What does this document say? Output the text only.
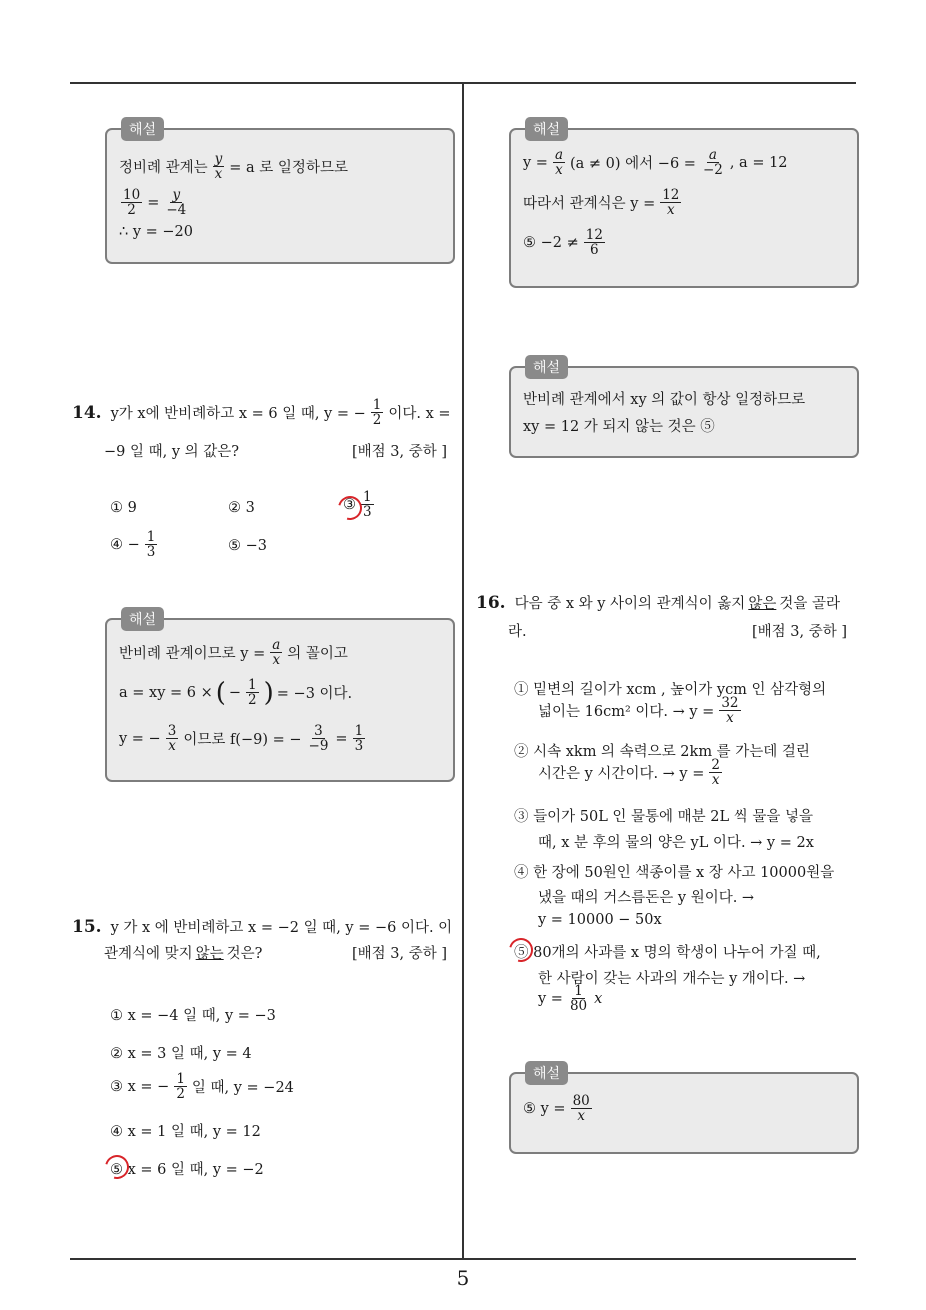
해설
정비례 관계는 $\frac{y}{x} = a$ 로 일정하므로
$\frac{10}{2} = \frac{y}{-4}$
∴ y = −20
14. y가 x에 반비례하고 x = 6 일 때, y = − $\frac{1}{2}$ 이다. x =
−9 일 때, y 의 값은?	[배점 3, 중하 ]
① 9	② 3	③ 1
3
④ − $\frac{1}{3}$	⑤ −3
해설
반비례 관계이므로 $y = \frac{a}{x}$ 의 꼴이고
a = xy = 6 × ( − 1
2 ) = −3 이다.
y = − $\frac{3}{x}$ 이므로 f(−9) = − $\frac{3}{-9} = \frac{1}{3}$
15. y 가 x 에 반비례하고 x = −2 일 때, y = −6 이다. 이
관계식에 맞지 않는 것은?	[배점 3, 중하 ]
① x = −4 일 때, y = −3
② x = 3 일 때, y = 4
③ x = − $\frac{1}{2}$ 일 때, y = −24
④ x = 1 일 때, y = 12
⑤ x = 6 일 때, y = −2
해설
$y = \frac{a}{x} (a \ne 0)$ 에서 $-6 = \frac{a}{-2}$ , a = 12
따라서 관계식은 $y = \frac{12}{x}$
⑤ −2 ≠ 12
6
해설
반비례 관계에서 xy 의 값이 항상 일정하므로
xy = 12 가 되지 않는 것은 ⑤
16. 다음 중 x 와 y 사이의 관계식이 옳지 않은 것을 골라
라.	[배점 3, 중하 ]
① 밑변의 길이가 xcm , 높이가 ycm 인 삼각형의
넓이는 16cm² 이다. → $y = \frac{32}{x}$
② 시속 xkm 의 속력으로 2km 를 가는데 걸린
시간은 y 시간이다. → $y = \frac{2}{x}$
③ 들이가 50L 인 물통에 매분 2L 씩 물을 넣을
때, x 분 후의 물의 양은 yL 이다. → y = 2x
④ 한 장에 50원인 색종이를 x 장 사고 10000원을
냈을 때의 거스름돈은 y 원이다. →
y = 10000 − 50x
⑤ 80개의 사과를 x 명의 학생이 나누어 가질 때,
한 사람이 갖는 사과의 개수는 y 개이다. →
$y = \frac{1}{80}$ x
해설
⑤ $y = \frac{80}{x}$
5
